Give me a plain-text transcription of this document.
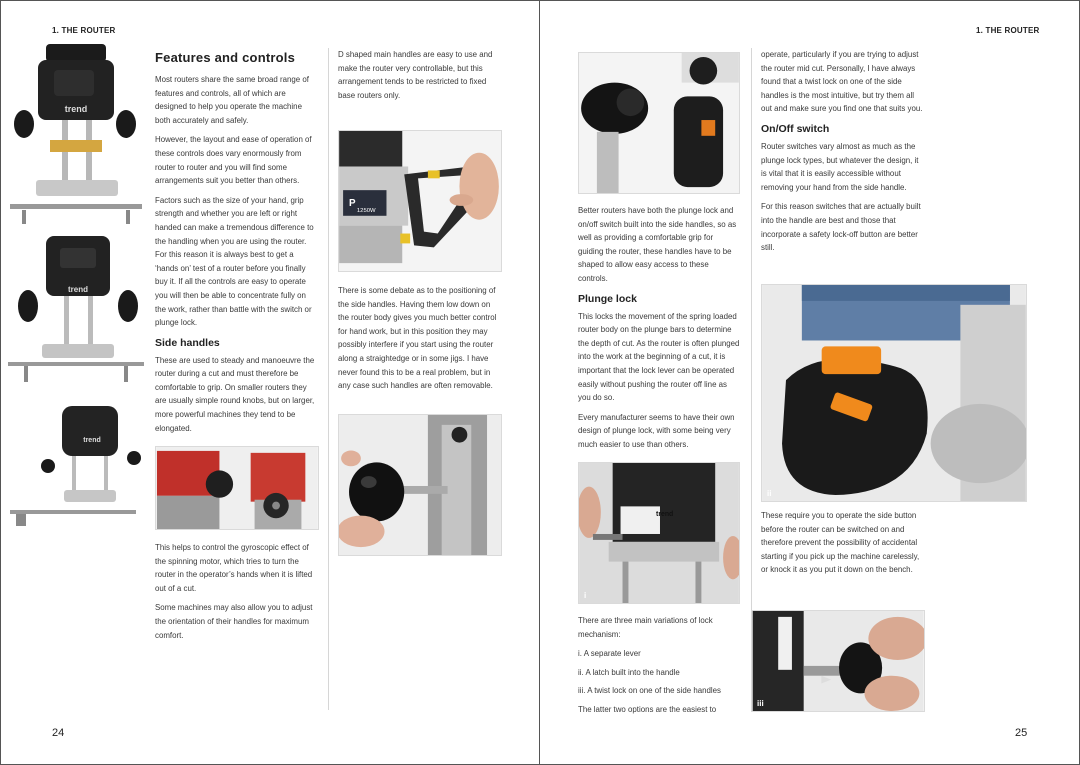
1. THE ROUTER
24
trend
trend
trend
Features and controls

Most routers share the same broad range of features and controls, all of which are designed to help you operate the machine both accurately and safely.

However, the layout and ease of operation of these controls does vary enormously from router to router and you will find some arrangements suit you better than others.

Factors such as the size of your hand, grip strength and whether you are left or right handed can make a tremendous difference to the handling when you are using the router. For this reason it is always best to get a ‘hands on’ test of a router before you finally buy it. If all the controls are easy to operate you will then be able to concentrate fully on the work, rather than battle with the switch or plunge lock.

Side handles

These are used to steady and manoeuvre the router during a cut and must therefore be comfortable to grip. On smaller routers they are usually simple round knobs, but on larger, more powerful machines they tend to be elongated.

This helps to control the gyroscopic effect of the spinning motor, which tries to turn the router in the operator’s hands when it is lifted out of a cut.

Some machines may also allow you to adjust the orientation of their handles for maximum comfort.

D shaped main handles are easy to use and make the router very controllable, but this arrangement tends to be restricted to fixed base routers only.

P
1250W

There is some debate as to the positioning of the side handles. Having them low down on the router body gives you much better control for hand work, but in this position they may possibly interfere if you start using the router along a straightedge or in some jigs. I have never found this to be a real problem, but in any case such handles are often removable.

1. THE ROUTER
25

Better routers have both the plunge lock and on/off switch built into the side handles, so as well as providing a comfortable grip for guiding the router, these handles have to be shaped to allow easy access to these controls.

Plunge lock

This locks the movement of the spring loaded router body on the plunge bars to determine the depth of cut. As the router is often plunged into the work at the beginning of a cut, it is important that the lock lever can be operated easily without pushing the router off line as you do so.

Every manufacturer seems to have their own design of plunge lock, with some being very much easier to use than others.

trend
i

There are three main variations of lock mechanism:

i. A separate lever
ii. A latch built into the handle
iii. A twist lock on one of the side handles

The latter two options are the easiest to

operate, particularly if you are trying to adjust the router mid cut. Personally, I have always found that a twist lock on one of the side handles is the most intuitive, but try them all out and make sure you find one that suits you.

On/Off switch

Router switches vary almost as much as the plunge lock types, but whatever the design, it is vital that it is easily accessible without removing your hand from the side handle.

For this reason switches that are actually built into the handle are best and those that incorporate a safety lock-off button are better still.

ii

These require you to operate the side button before the router can be switched on and therefore prevent the possibility of accidental starting if you pick up the machine carelessly, or knock it as you put it down on the bench.

iii
